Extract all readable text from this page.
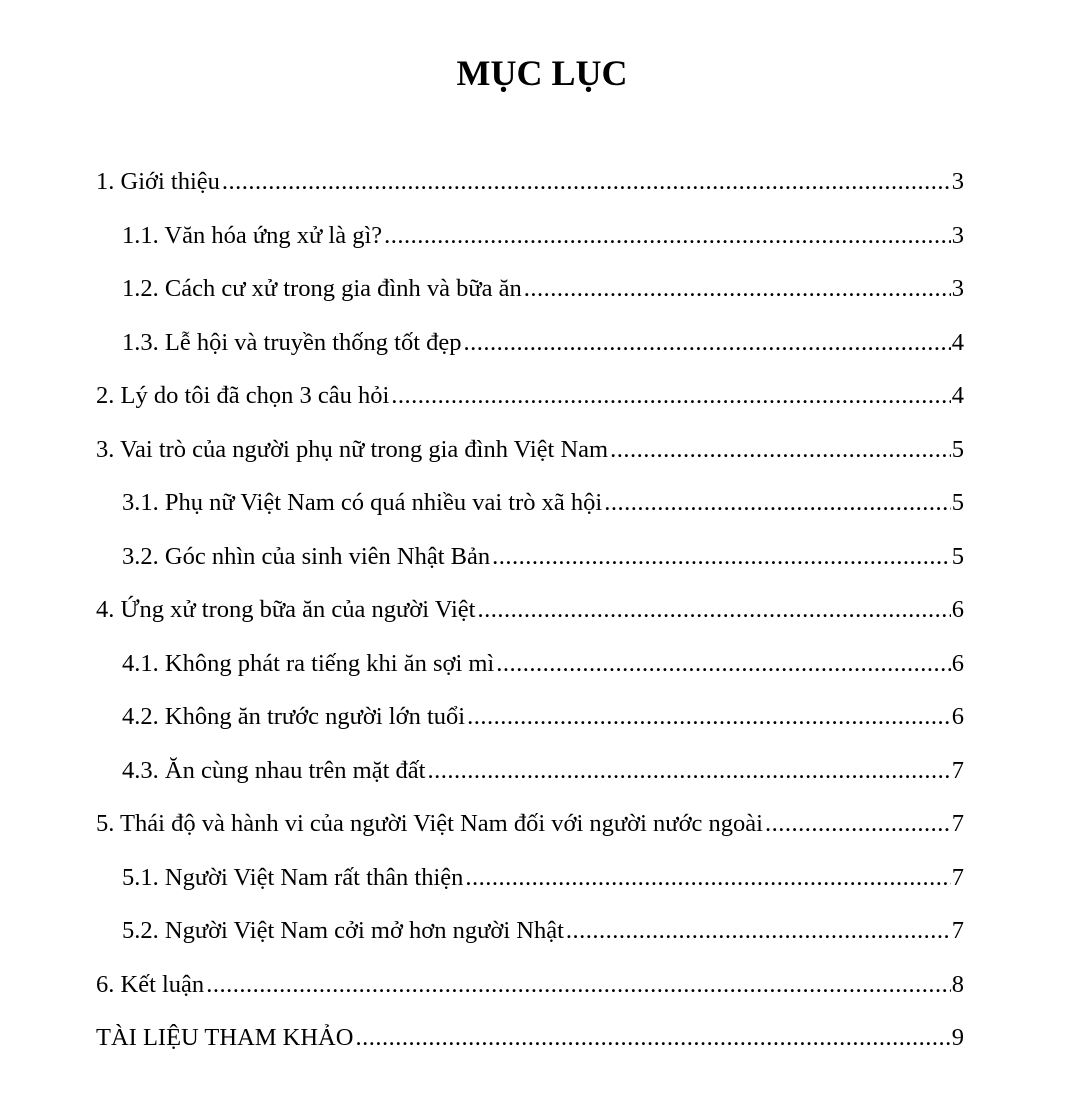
MỤC LỤC
1. Giới thiệu .....	3
1.1. Văn hóa ứng xử là gì? .....	3
1.2. Cách cư xử trong gia đình và bữa ăn .....	3
1.3. Lễ hội và truyền thống tốt đẹp .....	4
2. Lý do tôi đã chọn 3 câu hỏi .....	4
3. Vai trò của người phụ nữ trong gia đình Việt Nam .....	5
3.1. Phụ nữ Việt Nam có quá nhiều vai trò xã hội .....	5
3.2. Góc nhìn của sinh viên Nhật Bản .....	5
4. Ứng xử trong bữa ăn của người Việt .....	6
4.1. Không phát ra tiếng khi ăn sợi mì .....	6
4.2. Không ăn trước người lớn tuổi .....	6
4.3. Ăn cùng nhau trên mặt đất .....	7
5. Thái độ và hành vi của người Việt Nam đối với người nước ngoài .....	7
5.1. Người Việt Nam rất thân thiện .....	7
5.2. Người Việt Nam cởi mở hơn người Nhật .....	7
6. Kết luận .....	8
TÀI LIỆU THAM KHẢO .....	9
